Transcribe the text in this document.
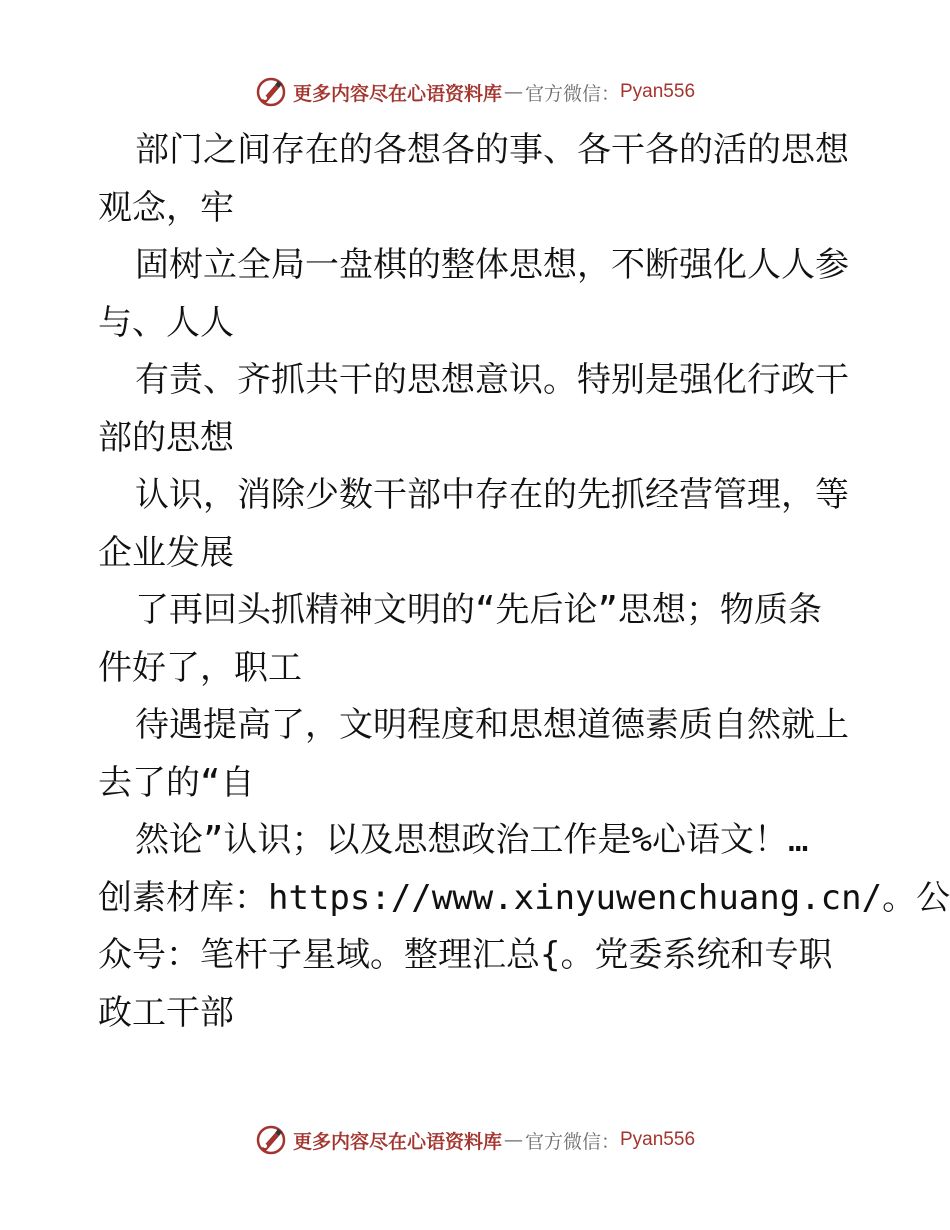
更多内容尽在心语资料库 — 官方微信： Pyan556
部门之间存在的各想各的事、各干各的活的思想
观念，牢
固树立全局一盘棋的整体思想，不断强化人人参
与、人人
有责、齐抓共干的思想意识。特别是强化行政干
部的思想
认识，消除少数干部中存在的先抓经营管理，等
企业发展
了再回头抓精神文明的“先后论”思想；物质条
件好了，职工
待遇提高了，文明程度和思想道德素质自然就上
去了的“自
然论”认识；以及思想政治工作是%心语文！…
创素材库：https://www.xinyuwenchuang.cn/。公
众号：笔杆子星域。整理汇总{。党委系统和专职
政工干部
更多内容尽在心语资料库 — 官方微信： Pyan556
